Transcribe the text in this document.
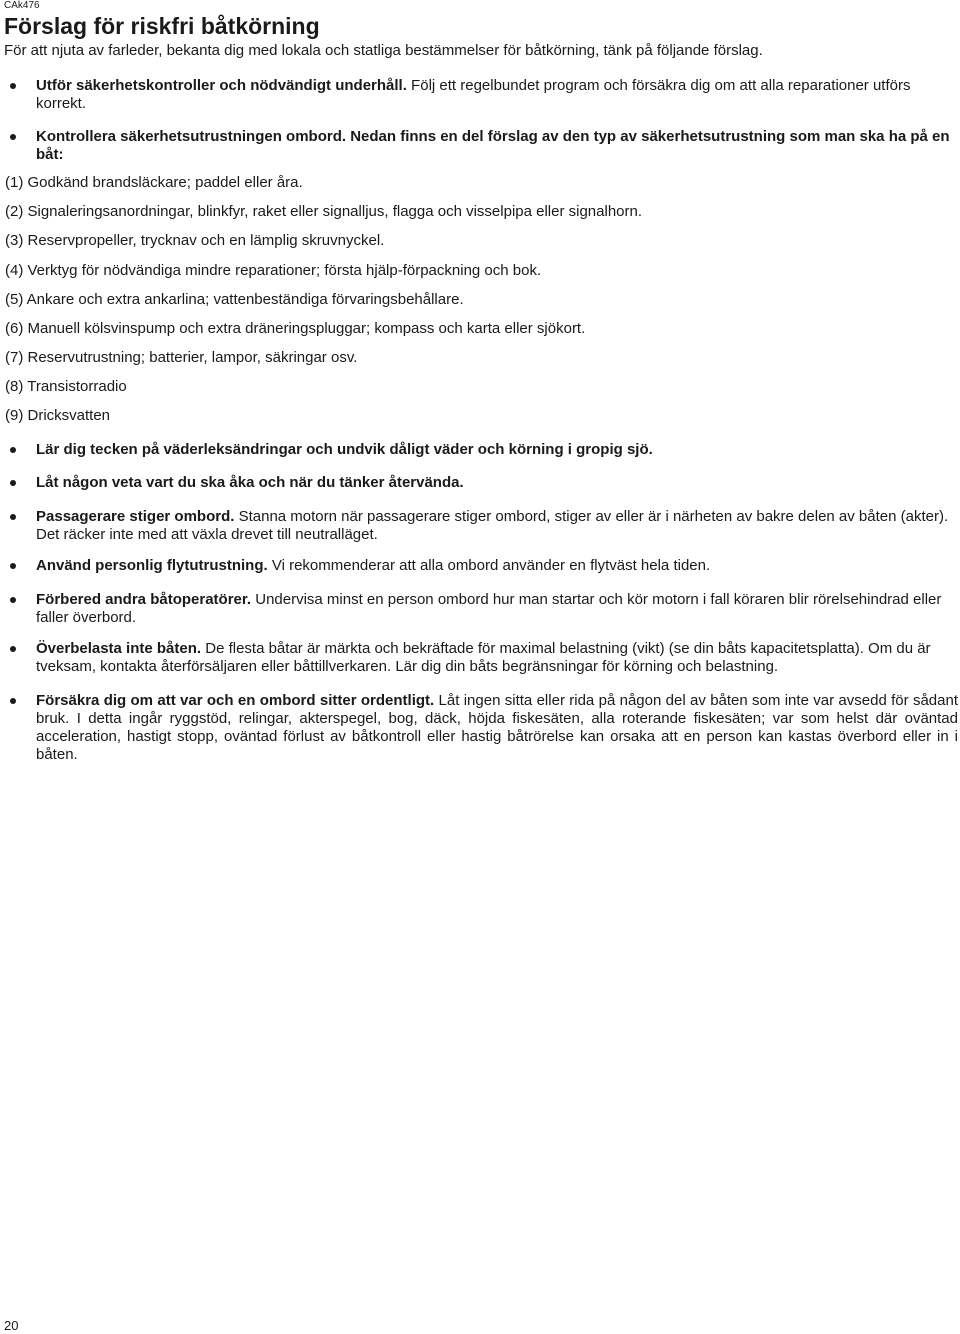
CAk476
Förslag för riskfri båtkörning

För att njuta av farleder, bekanta dig med lokala och statliga bestämmelser för båtkörning, tänk på följande förslag.

Utför säkerhetskontroller och nödvändigt underhåll. Följ ett regelbundet program och försäkra dig om att alla reparationer utförs korrekt.

Kontrollera säkerhetsutrustningen ombord. Nedan finns en del förslag av den typ av säkerhetsutrustning som man ska ha på en båt:

(1) Godkänd brandsläckare; paddel eller åra.

(2) Signaleringsanordningar, blinkfyr, raket eller signalljus, flagga och visselpipa eller signalhorn.

(3) Reservpropeller, trycknav och en lämplig skruvnyckel.

(4) Verktyg för nödvändiga mindre reparationer; första hjälp-förpackning och bok.

(5) Ankare och extra ankarlina; vattenbeständiga förvaringsbehållare.

(6) Manuell kölsvinspump och extra dräneringspluggar; kompass och karta eller sjökort.

(7) Reservutrustning; batterier, lampor, säkringar osv.

(8) Transistorradio

(9) Dricksvatten

Lär dig tecken på väderleksändringar och undvik dåligt väder och körning i gropig sjö.

Låt någon veta vart du ska åka och när du tänker återvända.

Passagerare stiger ombord. Stanna motorn när passagerare stiger ombord, stiger av eller är i närheten av bakre delen av båten (akter). Det räcker inte med att växla drevet till neutralläget.

Använd personlig flytutrustning. Vi rekommenderar att alla ombord använder en flytväst hela tiden.

Förbered andra båtoperatörer. Undervisa minst en person ombord hur man startar och kör motorn i fall köraren blir rörelsehindrad eller faller överbord.

Överbelasta inte båten. De flesta båtar är märkta och bekräftade för maximal belastning (vikt) (se din båts kapacitetsplatta). Om du är tveksam, kontakta återförsäljaren eller båttillverkaren. Lär dig din båts begränsningar för körning och belastning.

Försäkra dig om att var och en ombord sitter ordentligt. Låt ingen sitta eller rida på någon del av båten som inte var avsedd för sådant bruk. I detta ingår ryggstöd, relingar, akterspegel, bog, däck, höjda fiskesäten, alla roterande fiskesäten; var som helst där oväntad acceleration, hastigt stopp, oväntad förlust av båtkontroll eller hastig båtrörelse kan orsaka att en person kan kastas överbord eller in i båten.

20
